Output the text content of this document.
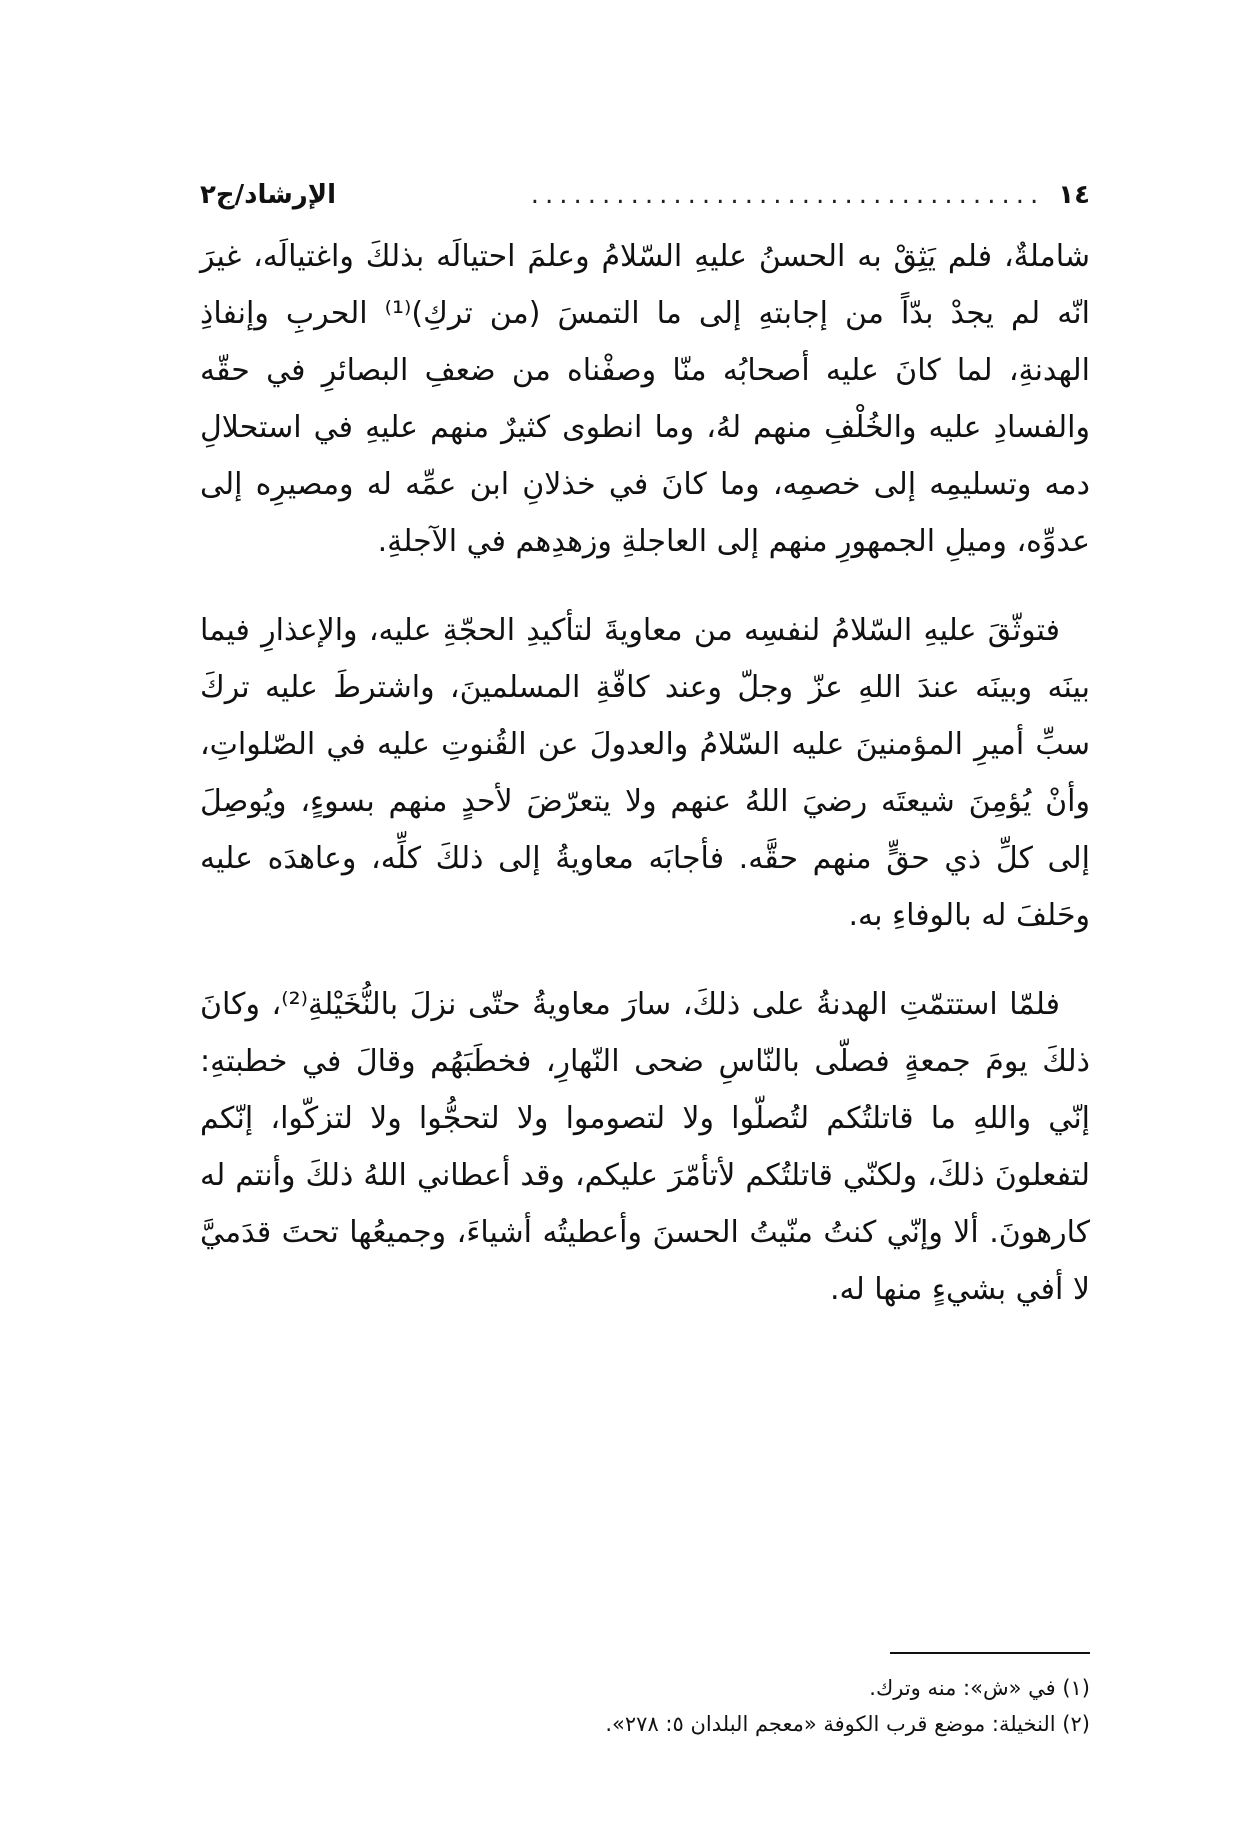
١٤
....................................
الإرشاد/ج٢

شاملةٌ، فلم يَثِقْ به الحسنُ عليهِ السّلامُ وعلمَ احتيالَه بذلكَ واغتيالَه، غيرَ انّه لم يجدْ بدّاً من إجابتهِ إلى ما التمسَ (من تركِ)⁽¹⁾ الحربِ وإنفاذِ الهدنةِ، لما كانَ عليه أصحابُه منّا وصفْناه من ضعفِ البصائرِ في حقّه والفسادِ عليه والخُلْفِ منهم لهُ، وما انطوى كثيرٌ منهم عليهِ في استحلالِ دمه وتسليمِه إلى خصمِه، وما كانَ في خذلانِ ابن عمِّه له ومصيرِه إلى عدوِّه، وميلِ الجمهورِ منهم إلى العاجلةِ وزهدِهم في الآجلةِ.

فتوثّقَ عليهِ السّلامُ لنفسِه من معاويةَ لتأكيدِ الحجّةِ عليه، والإعذارِ فيما بينَه وبينَه عندَ اللهِ عزّ وجلّ وعند كافّةِ المسلمينَ، واشترطَ عليه تركَ سبِّ أميرِ المؤمنينَ عليه السّلامُ والعدولَ عن القُنوتِ عليه في الصّلواتِ، وأنْ يُؤمِنَ شيعتَه رضيَ اللهُ عنهم ولا يتعرّضَ لأحدٍ منهم بسوءٍ، ويُوصِلَ إلى كلِّ ذي حقٍّ منهم حقَّه. فأجابَه معاويةُ إلى ذلكَ كلِّه، وعاهدَه عليه وحَلفَ له بالوفاءِ به.

فلمّا استتمّتِ الهدنةُ على ذلكَ، سارَ معاويةُ حتّى نزلَ بالنُّخَيْلةِ⁽²⁾، وكانَ ذلكَ يومَ جمعةٍ فصلّى بالنّاسِ ضحى النّهارِ، فخطَبَهُم وقالَ في خطبتهِ: إنّي واللهِ ما قاتلتُكم لتُصلّوا ولا لتصوموا ولا لتحجُّوا ولا لتزكّوا، إنّكم لتفعلونَ ذلكَ، ولكنّي قاتلتُكم لأتأمّرَ عليكم، وقد أعطاني اللهُ ذلكَ وأنتم له كارهونَ. ألا وإنّي كنتُ منّيتُ الحسنَ وأعطيتُه أشياءَ، وجميعُها تحتَ قدَميَّ لا أفي بشيءٍ منها له.

(١) في «ش»: منه وترك.
(٢) النخيلة: موضع قرب الكوفة «معجم البلدان ٥: ٢٧٨».
